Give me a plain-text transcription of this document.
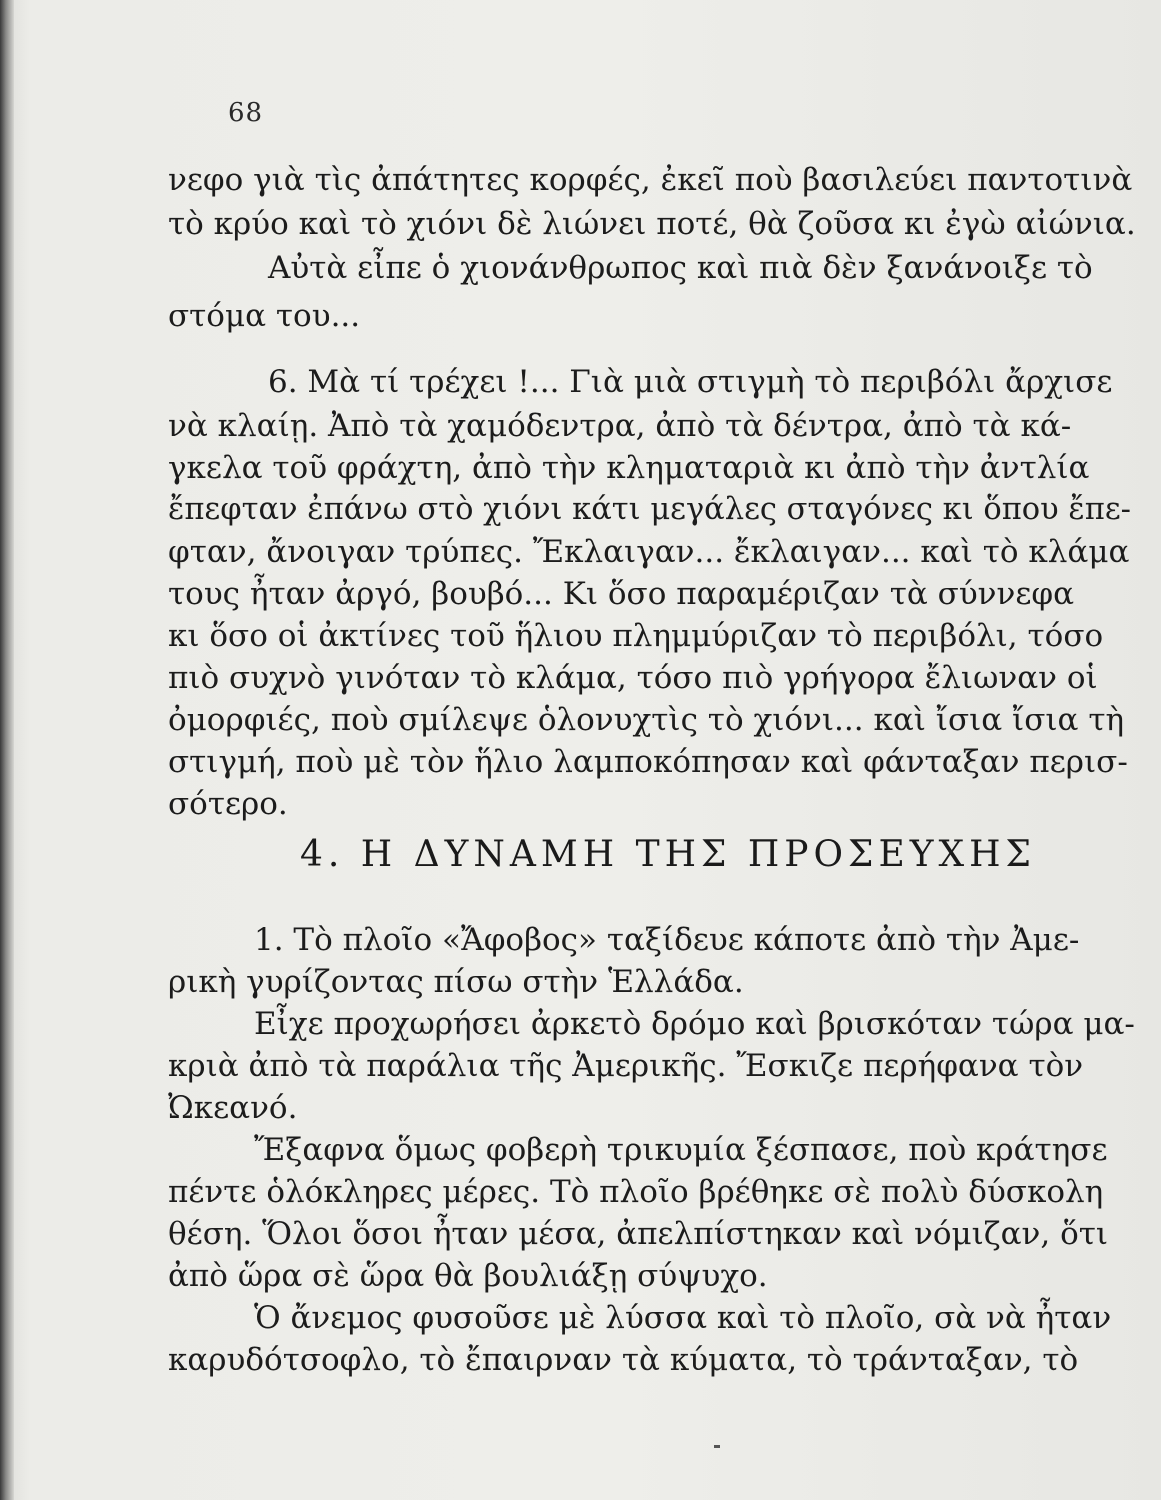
68
νεφο γιὰ τὶς ἀπάτητες κορφές, ἐκεῖ ποὺ βασιλεύει παντοτινὰ
τὸ κρύο καὶ τὸ χιόνι δὲ λιώνει ποτέ, θὰ ζοῦσα κι ἐγὼ αἰώνια.
Αὐτὰ εἶπε ὁ χιονάνθρωπος καὶ πιὰ δὲν ξανάνοιξε τὸ
στόμα του...
6. Μὰ τί τρέχει !... Γιὰ μιὰ στιγμὴ τὸ περιβόλι ἄρχισε
νὰ κλαίῃ. Ἀπὸ τὰ χαμόδεντρα, ἀπὸ τὰ δέντρα, ἀπὸ τὰ κά-
γκελα τοῦ φράχτη, ἀπὸ τὴν κληματαριὰ κι ἀπὸ τὴν ἀντλία
ἔπεφταν ἐπάνω στὸ χιόνι κάτι μεγάλες σταγόνες κι ὅπου ἔπε-
φταν, ἄνοιγαν τρύπες. Ἔκλαιγαν... ἔκλαιγαν... καὶ τὸ κλάμα
τους ἦταν ἀργό, βουβό... Κι ὅσο παραμέριζαν τὰ σύννεφα
κι ὅσο οἱ ἀκτίνες τοῦ ἥλιου πλημμύριζαν τὸ περιβόλι, τόσο
πιὸ συχνὸ γινόταν τὸ κλάμα, τόσο πιὸ γρήγορα ἔλιωναν οἱ
ὀμορφιές, ποὺ σμίλεψε ὁλονυχτὶς τὸ χιόνι... καὶ ἴσια ἴσια τὴ
στιγμή, ποὺ μὲ τὸν ἥλιο λαμποκόπησαν καὶ φάνταξαν περισ-
σότερο.
4. Η ΔΥΝΑΜΗ ΤΗΣ ΠΡΟΣΕΥΧΗΣ
1. Τὸ πλοῖο «Ἄφοβος» ταξίδευε κάποτε ἀπὸ τὴν Ἀμε-
ρικὴ γυρίζοντας πίσω στὴν Ἑλλάδα.
Εἶχε προχωρήσει ἀρκετὸ δρόμο καὶ βρισκόταν τώρα μα-
κριὰ ἀπὸ τὰ παράλια τῆς Ἀμερικῆς. Ἔσκιζε περήφανα τὸν
Ὠκεανό.
Ἔξαφνα ὅμως φοβερὴ τρικυμία ξέσπασε, ποὺ κράτησε
πέντε ὁλόκληρες μέρες. Τὸ πλοῖο βρέθηκε σὲ πολὺ δύσκολη
θέση. Ὅλοι ὅσοι ἦταν μέσα, ἀπελπίστηκαν καὶ νόμιζαν, ὅτι
ἀπὸ ὥρα σὲ ὥρα θὰ βουλιάξῃ σύψυχο.
Ὁ ἄνεμος φυσοῦσε μὲ λύσσα καὶ τὸ πλοῖο, σὰ νὰ ἦταν
καρυδότσοφλο, τὸ ἔπαιρναν τὰ κύματα, τὸ τράνταξαν, τὸ
